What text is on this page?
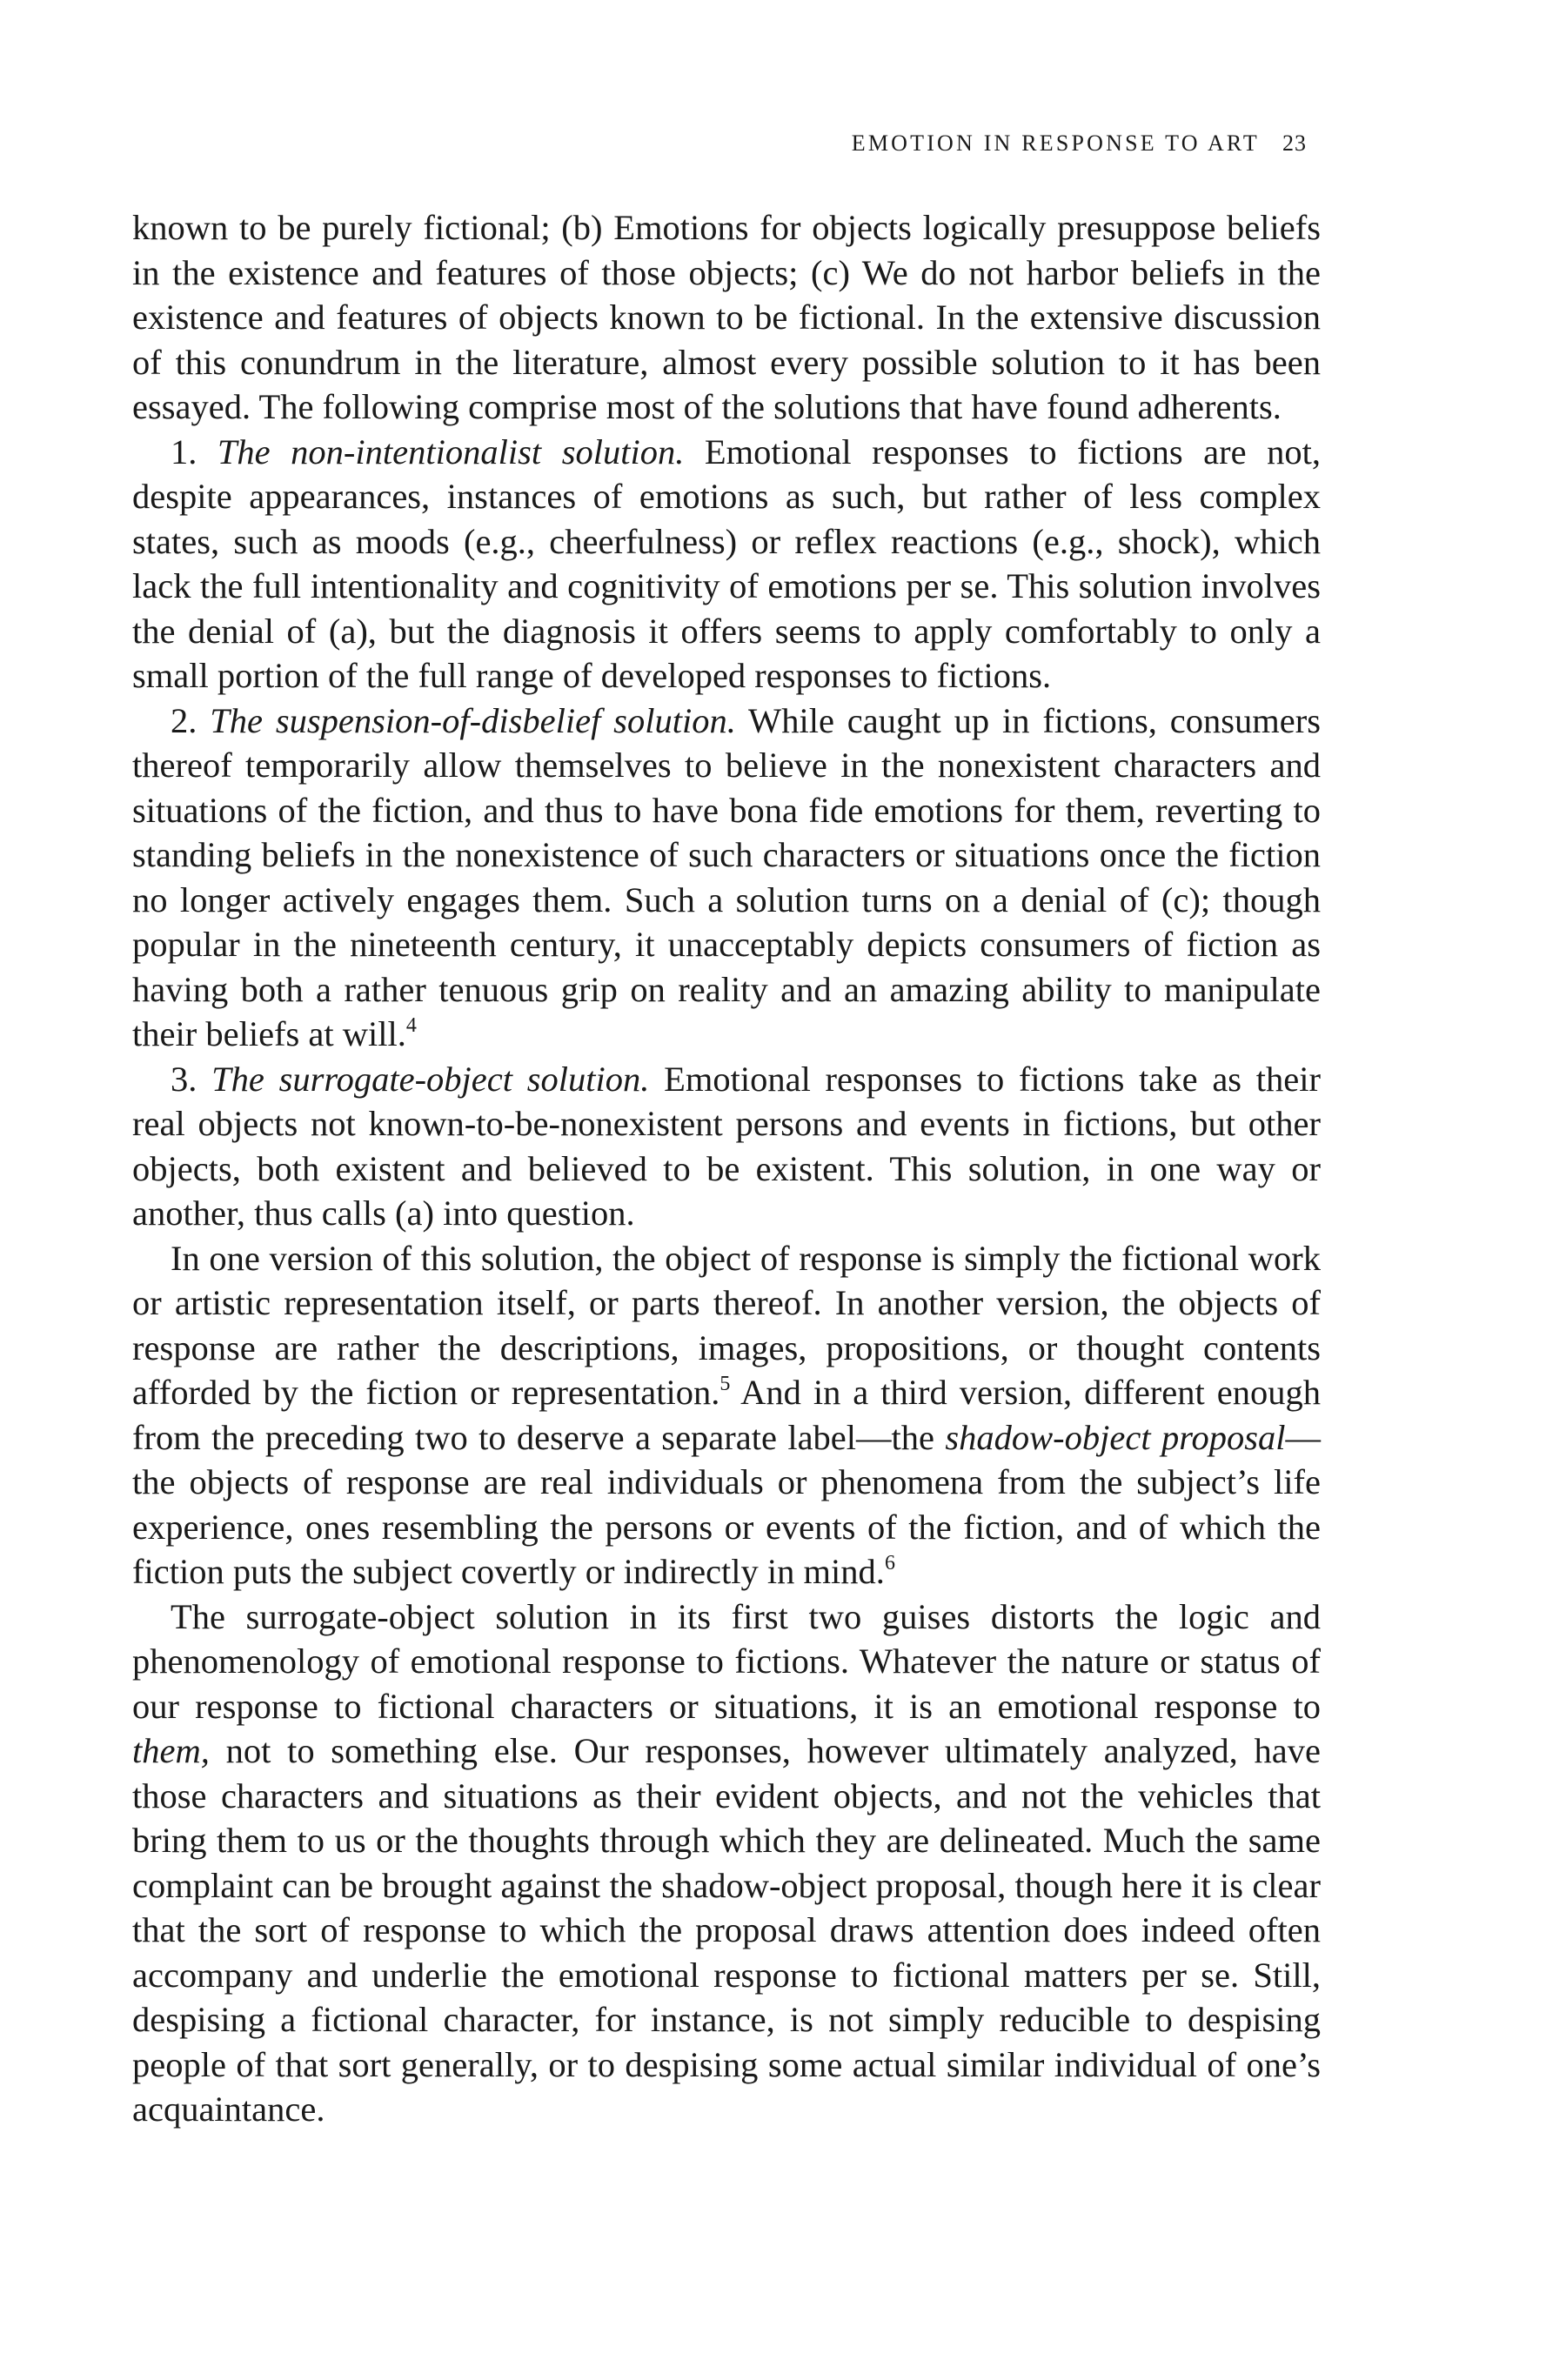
EMOTION IN RESPONSE TO ART 23

known to be purely fictional; (b) Emotions for objects logically presuppose beliefs in the existence and features of those objects; (c) We do not harbor beliefs in the existence and features of objects known to be fictional. In the extensive discussion of this conundrum in the literature, almost every possible solution to it has been essayed. The following comprise most of the solutions that have found adherents.

1. The non-intentionalist solution. Emotional responses to fictions are not, despite appearances, instances of emotions as such, but rather of less complex states, such as moods (e.g., cheerfulness) or reflex reactions (e.g., shock), which lack the full intentionality and cognitivity of emotions per se. This solution involves the denial of (a), but the diagnosis it offers seems to apply comfortably to only a small portion of the full range of developed responses to fictions.

2. The suspension-of-disbelief solution. While caught up in fictions, consumers thereof temporarily allow themselves to believe in the nonexistent characters and situations of the fiction, and thus to have bona fide emotions for them, reverting to standing beliefs in the nonexistence of such characters or situations once the fiction no longer actively engages them. Such a solution turns on a denial of (c); though popular in the nineteenth century, it unacceptably depicts consumers of fiction as having both a rather tenuous grip on reality and an amazing ability to manipulate their beliefs at will.$^4$

3. The surrogate-object solution. Emotional responses to fictions take as their real objects not known-to-be-nonexistent persons and events in fictions, but other objects, both existent and believed to be existent. This solution, in one way or another, thus calls (a) into question.

In one version of this solution, the object of response is simply the fictional work or artistic representation itself, or parts thereof. In another version, the objects of response are rather the descriptions, images, propositions, or thought contents afforded by the fiction or representation.$^5$ And in a third version, different enough from the preceding two to deserve a separate label—the shadow-object proposal—the objects of response are real individuals or phenomena from the subject’s life experience, ones resembling the persons or events of the fiction, and of which the fiction puts the subject covertly or indirectly in mind.$^6$

The surrogate-object solution in its first two guises distorts the logic and phenomenology of emotional response to fictions. Whatever the nature or status of our response to fictional characters or situations, it is an emotional response to them, not to something else. Our responses, however ultimately analyzed, have those characters and situations as their evident objects, and not the vehicles that bring them to us or the thoughts through which they are delineated. Much the same complaint can be brought against the shadow-object proposal, though here it is clear that the sort of response to which the proposal draws attention does indeed often accompany and underlie the emotional response to fictional matters per se. Still, despising a fictional character, for instance, is not simply reducible to despising people of that sort generally, or to despising some actual similar individual of one’s acquaintance.
